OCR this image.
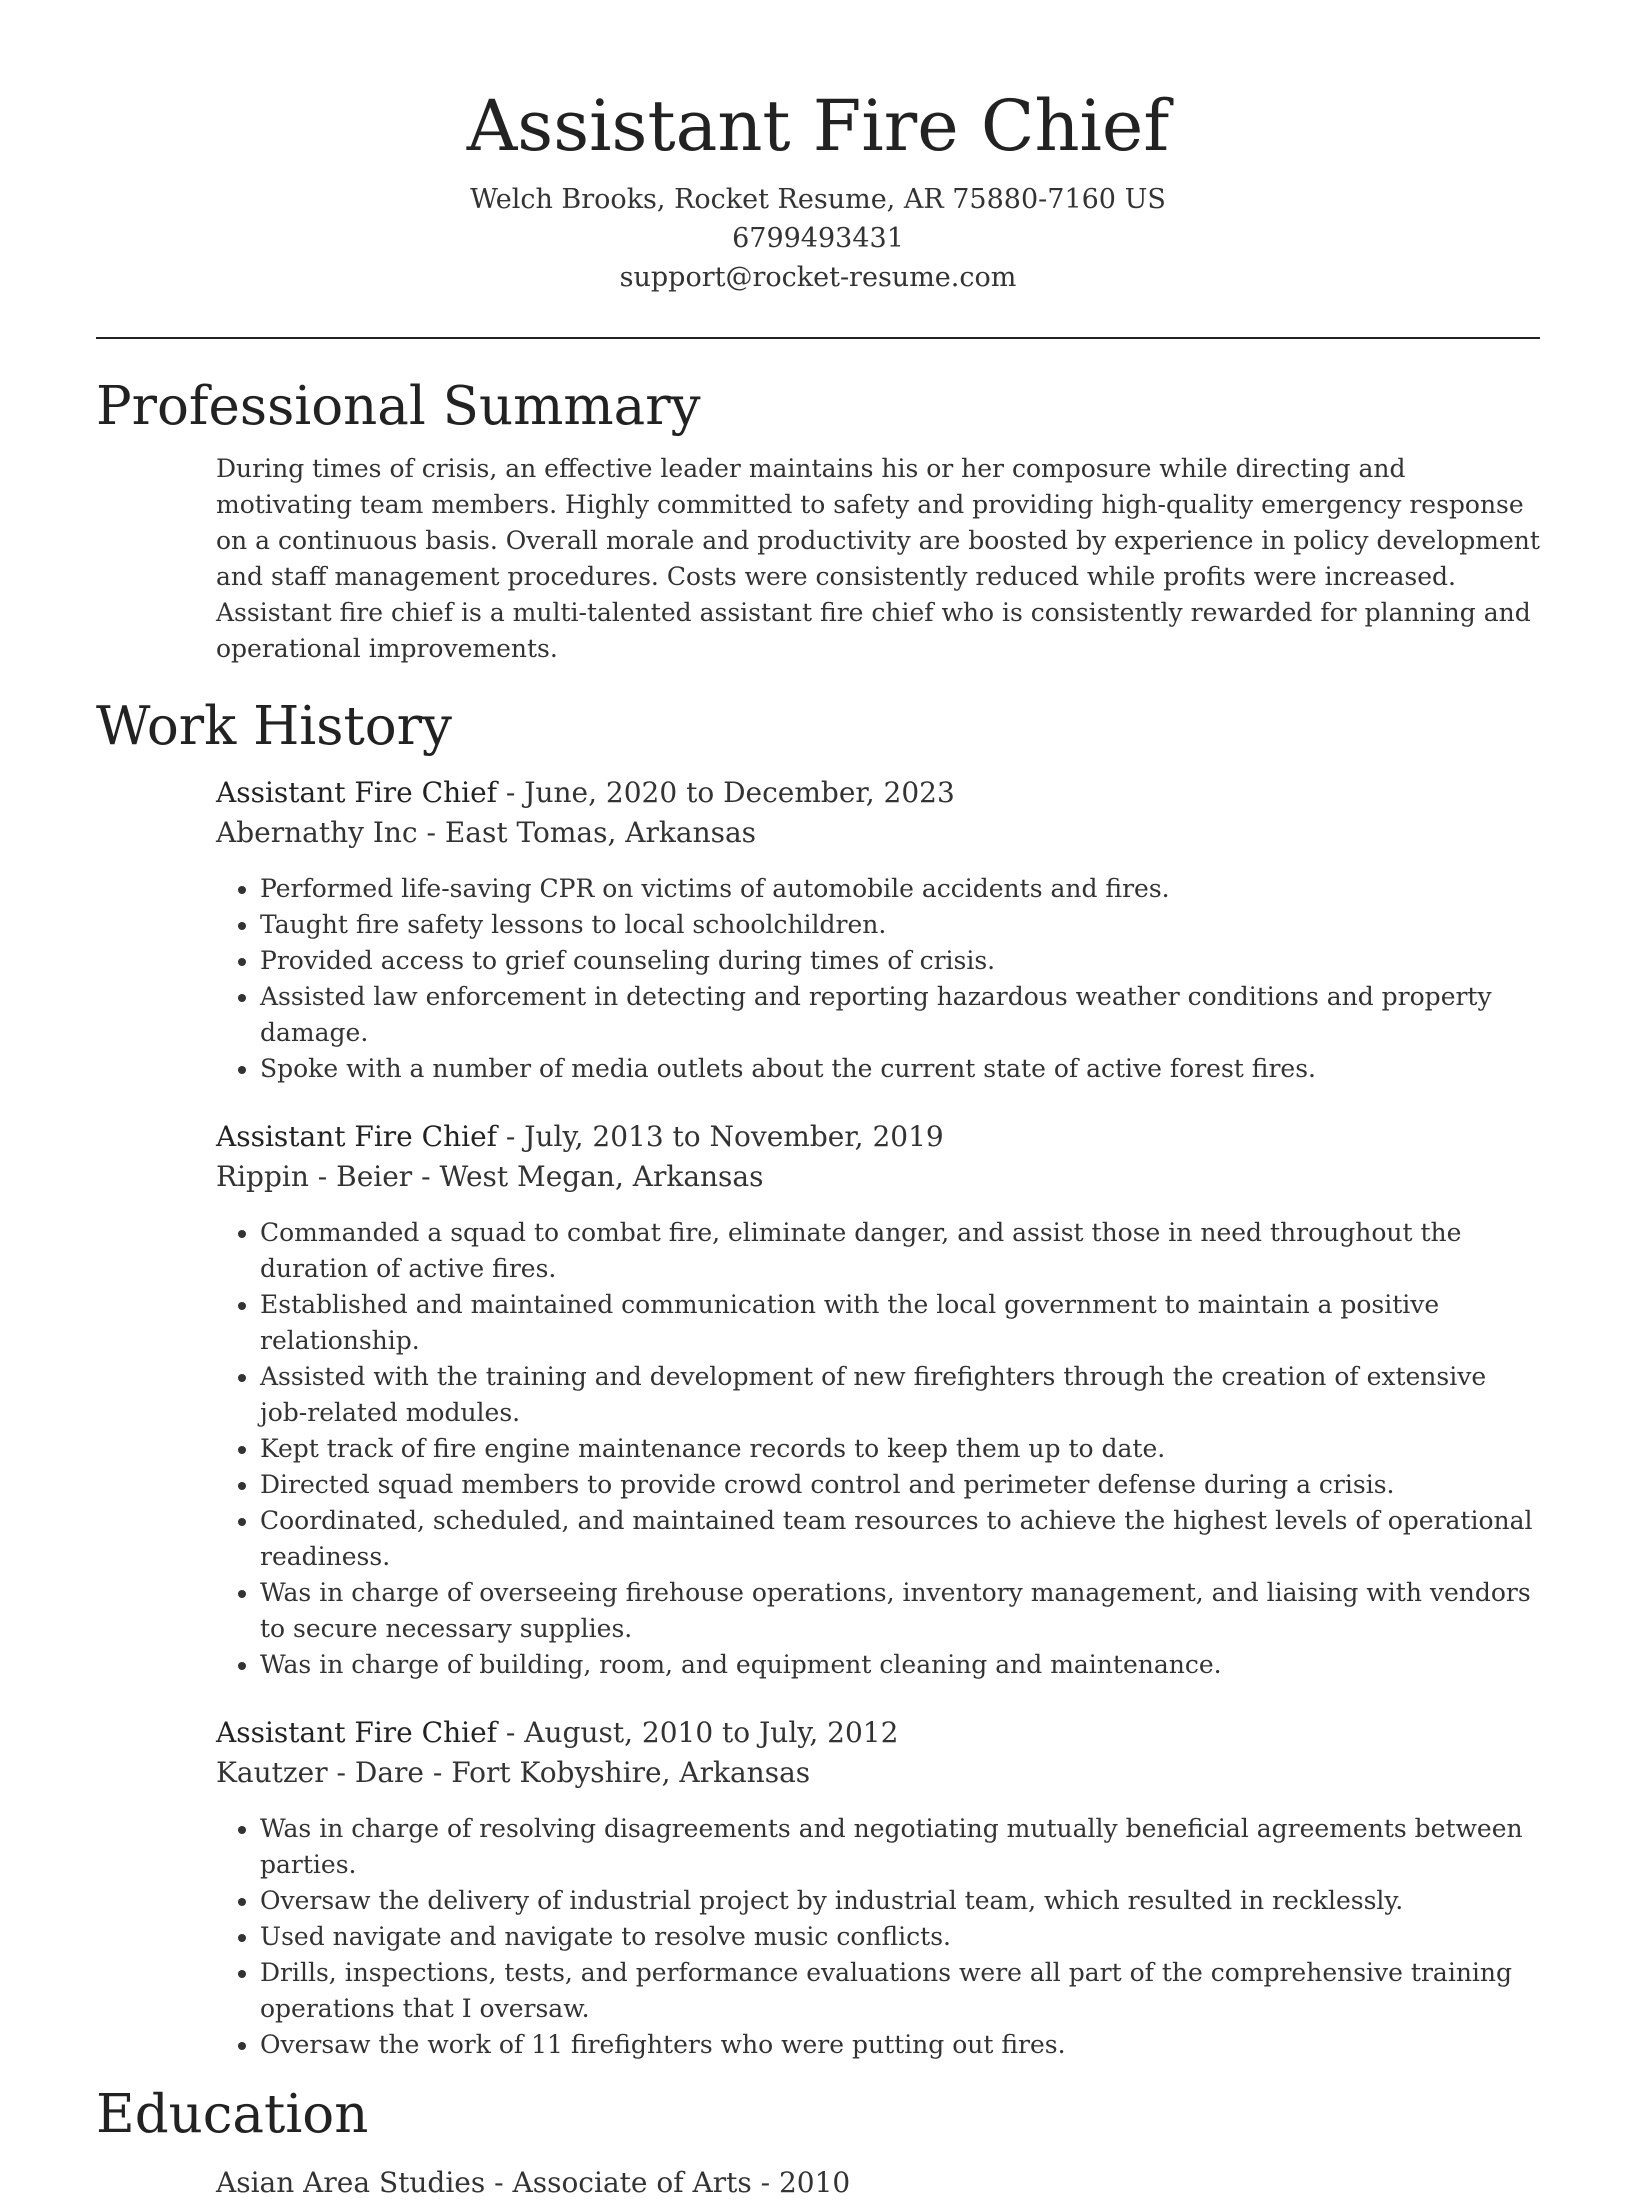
Assistant Fire Chief
Welch Brooks, Rocket Resume, AR 75880-7160 US
6799493431
support@rocket-resume.com
Professional Summary

During times of crisis, an effective leader maintains his or her composure while directing and motivating team members. Highly committed to safety and providing high-quality emergency response on a continuous basis. Overall morale and productivity are boosted by experience in policy development and staff management procedures. Costs were consistently reduced while profits were increased. Assistant fire chief is a multi-talented assistant fire chief who is consistently rewarded for planning and operational improvements.

Work History
Assistant Fire Chief - June, 2020 to December, 2023
Abernathy Inc - East Tomas, Arkansas
• Performed life-saving CPR on victims of automobile accidents and fires.
• Taught fire safety lessons to local schoolchildren.
• Provided access to grief counseling during times of crisis.
• Assisted law enforcement in detecting and reporting hazardous weather conditions and property damage.
• Spoke with a number of media outlets about the current state of active forest fires.
Assistant Fire Chief - July, 2013 to November, 2019
Rippin - Beier - West Megan, Arkansas
• Commanded a squad to combat fire, eliminate danger, and assist those in need throughout the duration of active fires.
• Established and maintained communication with the local government to maintain a positive relationship.
• Assisted with the training and development of new firefighters through the creation of extensive job-related modules.
• Kept track of fire engine maintenance records to keep them up to date.
• Directed squad members to provide crowd control and perimeter defense during a crisis.
• Coordinated, scheduled, and maintained team resources to achieve the highest levels of operational readiness.
• Was in charge of overseeing firehouse operations, inventory management, and liaising with vendors to secure necessary supplies.
• Was in charge of building, room, and equipment cleaning and maintenance.
Assistant Fire Chief - August, 2010 to July, 2012
Kautzer - Dare - Fort Kobyshire, Arkansas
• Was in charge of resolving disagreements and negotiating mutually beneficial agreements between parties.
• Oversaw the delivery of industrial project by industrial team, which resulted in recklessly.
• Used navigate and navigate to resolve music conflicts.
• Drills, inspections, tests, and performance evaluations were all part of the comprehensive training operations that I oversaw.
• Oversaw the work of 11 firefighters who were putting out fires.
Education
Asian Area Studies - Associate of Arts - 2010
